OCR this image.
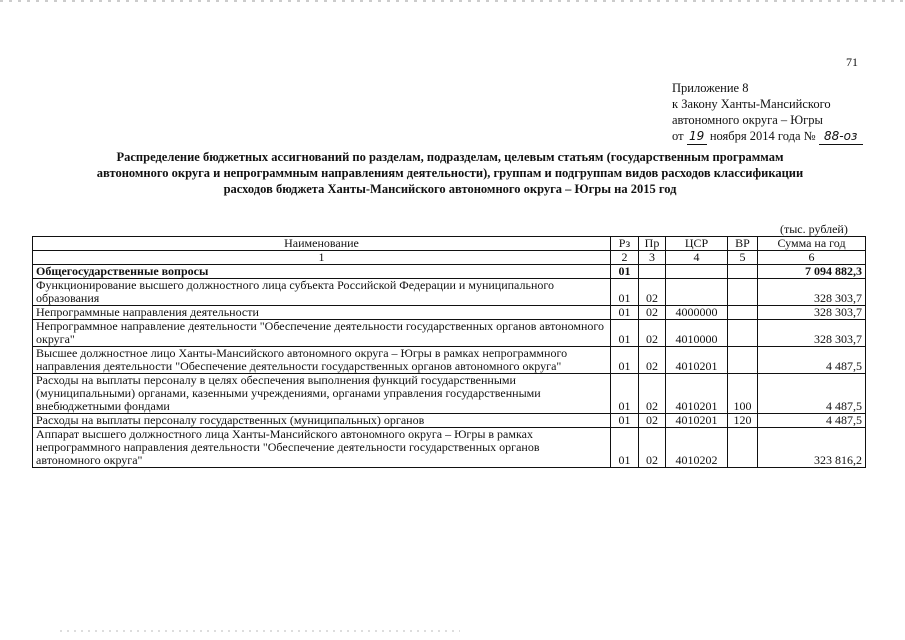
71
Приложение 8
к Закону Ханты-Мансийского
автономного округа – Югры
от 19 ноября 2014 года № 88-оз
Распределение бюджетных ассигнований по разделам, подразделам, целевым статьям (государственным программам
автономного округа и непрограммным направлениям деятельности), группам и подгруппам видов расходов классификации
расходов бюджета Ханты-Мансийского автономного округа – Югры на 2015 год
(тыс. рублей)
Наименование	Рз	Пр	ЦСР	ВР	Сумма на год
1	2	3	4	5	6
Общегосударственные вопросы	01				7 094 882,3
Функционирование высшего должностного лица субъекта Российской Федерации и муниципального образования	01	02			328 303,7
Непрограммные направления деятельности	01	02	4000000		328 303,7
Непрограммное направление деятельности "Обеспечение деятельности государственных органов автономного округа"	01	02	4010000		328 303,7
Высшее должностное лицо Ханты-Мансийского автономного округа – Югры в рамках непрограммного направления деятельности "Обеспечение деятельности государственных органов автономного округа"	01	02	4010201		4 487,5
Расходы на выплаты персоналу в целях обеспечения выполнения функций государственными (муниципальными) органами, казенными учреждениями, органами управления государственными внебюджетными фондами	01	02	4010201	100	4 487,5
Расходы на выплаты персоналу государственных (муниципальных) органов	01	02	4010201	120	4 487,5
Аппарат высшего должностного лица Ханты-Мансийского автономного округа – Югры в рамках непрограммного направления деятельности "Обеспечение деятельности государственных органов автономного округа"	01	02	4010202		323 816,2
